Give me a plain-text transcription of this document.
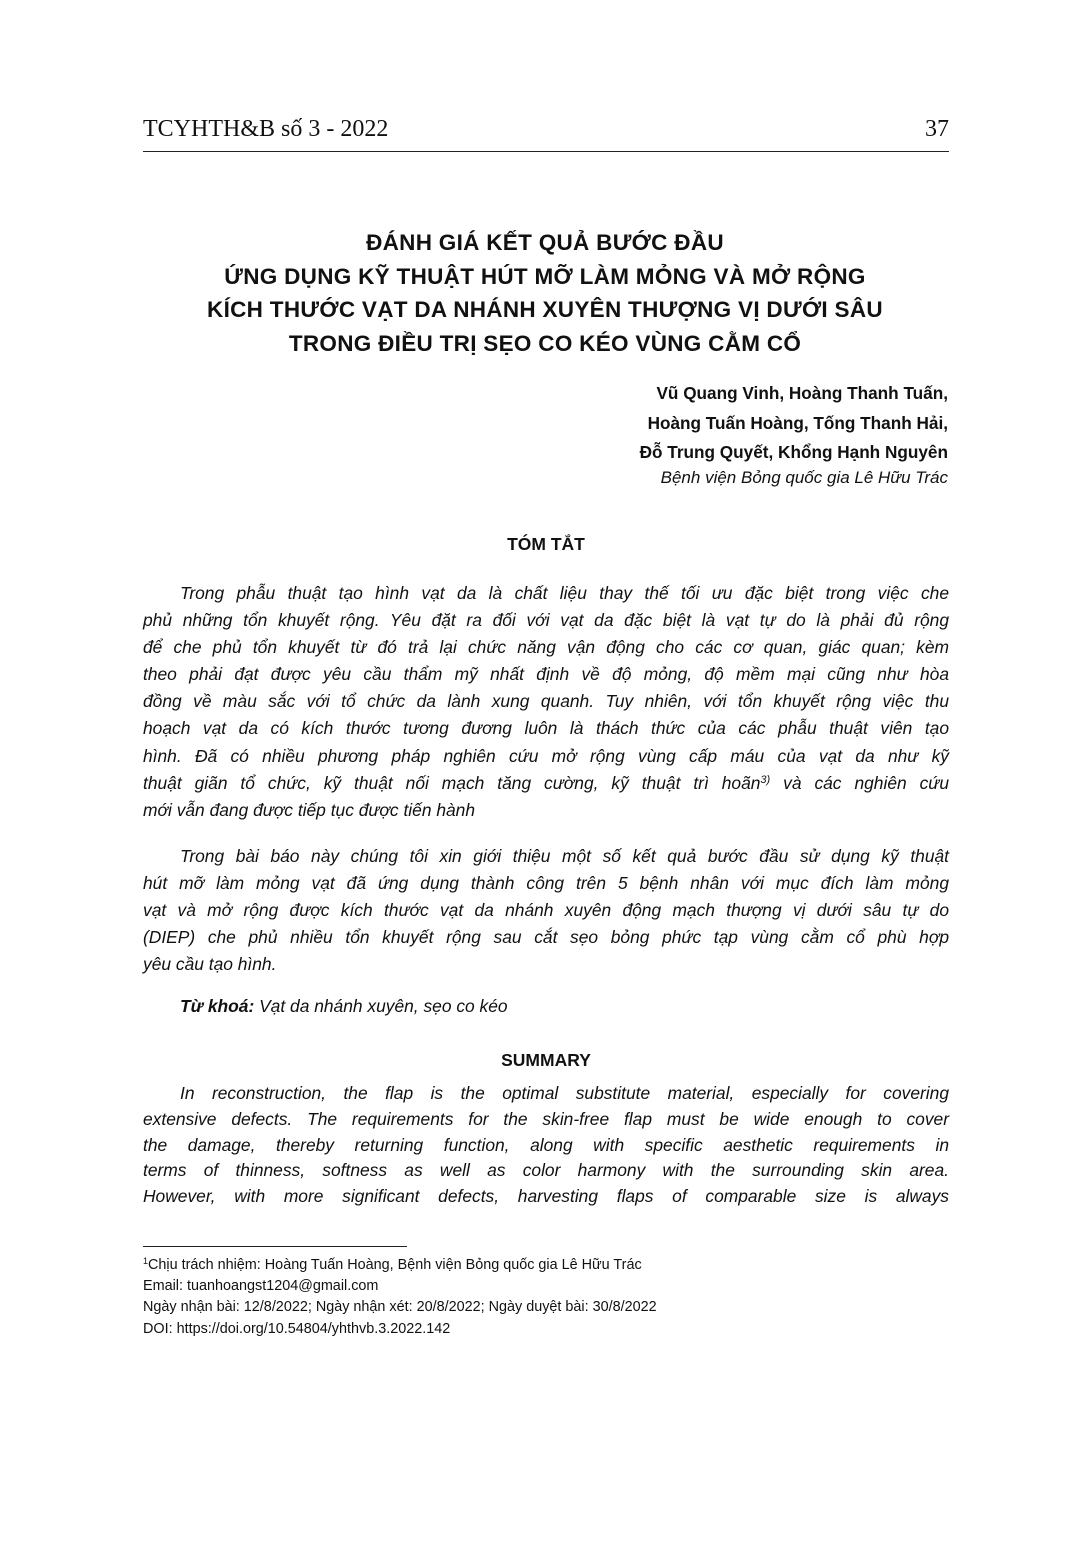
TCYHTH&B số 3 - 2022	37
ĐÁNH GIÁ KẾT QUẢ BƯỚC ĐẦU
ỨNG DỤNG KỸ THUẬT HÚT MỠ LÀM MỎNG VÀ MỞ RỘNG
KÍCH THƯỚC VẠT DA NHÁNH XUYÊN THƯỢNG VỊ DƯỚI SÂU
TRONG ĐIỀU TRỊ SẸO CO KÉO VÙNG CẰM CỔ
Vũ Quang Vinh, Hoàng Thanh Tuấn,
Hoàng Tuấn Hoàng, Tống Thanh Hải,
Đỗ Trung Quyết, Khổng Hạnh Nguyên
Bệnh viện Bỏng quốc gia Lê Hữu Trác
TÓM TẮT
Trong phẫu thuật tạo hình vạt da là chất liệu thay thế tối ưu đặc biệt trong việc che
phủ những tổn khuyết rộng. Yêu đặt ra đối với vạt da đặc biệt là vạt tự do là phải đủ rộng
để che phủ tổn khuyết từ đó trả lại chức năng vận động cho các cơ quan, giác quan; kèm
theo phải đạt được yêu cầu thẩm mỹ nhất định về độ mỏng, độ mềm mại cũng như hòa
đồng về màu sắc với tổ chức da lành xung quanh. Tuy nhiên, với tổn khuyết rộng việc thu
hoạch vạt da có kích thước tương đương luôn là thách thức của các phẫu thuật viên tạo
hình. Đã có nhiều phương pháp nghiên cứu mở rộng vùng cấp máu của vạt da như kỹ
thuật giãn tổ chức, kỹ thuật nối mạch tăng cường, kỹ thuật trì hoãn$^{3)}$ và các nghiên cứu
mới vẫn đang được tiếp tục được tiến hành
Trong bài báo này chúng tôi xin giới thiệu một số kết quả bước đầu sử dụng kỹ thuật
hút mỡ làm mỏng vạt đã ứng dụng thành công trên 5 bệnh nhân với mục đích làm mỏng
vạt và mở rộng được kích thước vạt da nhánh xuyên động mạch thượng vị dưới sâu tự do
(DIEP) che phủ nhiều tổn khuyết rộng sau cắt sẹo bỏng phức tạp vùng cằm cổ phù hợp
yêu cầu tạo hình.
Từ khoá: Vạt da nhánh xuyên, sẹo co kéo
SUMMARY
In reconstruction, the flap is the optimal substitute material, especially for covering
extensive defects. The requirements for the skin-free flap must be wide enough to cover
the damage, thereby returning function, along with specific aesthetic requirements in
terms of thinness, softness as well as color harmony with the surrounding skin area.
However, with more significant defects, harvesting flaps of comparable size is always
$^1$Chịu trách nhiệm: Hoàng Tuấn Hoàng, Bệnh viện Bỏng quốc gia Lê Hữu Trác
Email: tuanhoangst1204@gmail.com
Ngày nhận bài: 12/8/2022; Ngày nhận xét: 20/8/2022; Ngày duyệt bài: 30/8/2022
DOI: https://doi.org/10.54804/yhthvb.3.2022.142
